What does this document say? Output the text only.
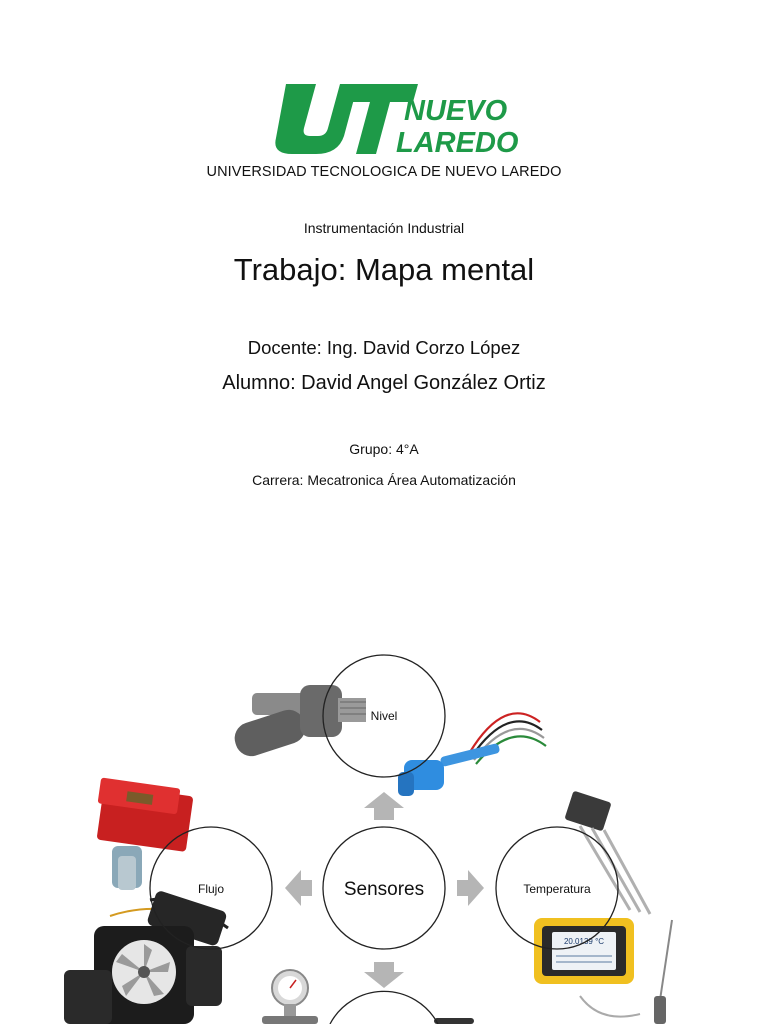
NUEVO
LAREDO
UNIVERSIDAD TECNOLOGICA DE NUEVO LAREDO
Instrumentación Industrial
Trabajo: Mapa mental
Docente: Ing. David Corzo López
Alumno: David Angel González Ortiz
Grupo: 4°A
Carrera: Mecatronica Área Automatización
20.0139 °C
Nivel
Sensores
Flujo	Temperatura
